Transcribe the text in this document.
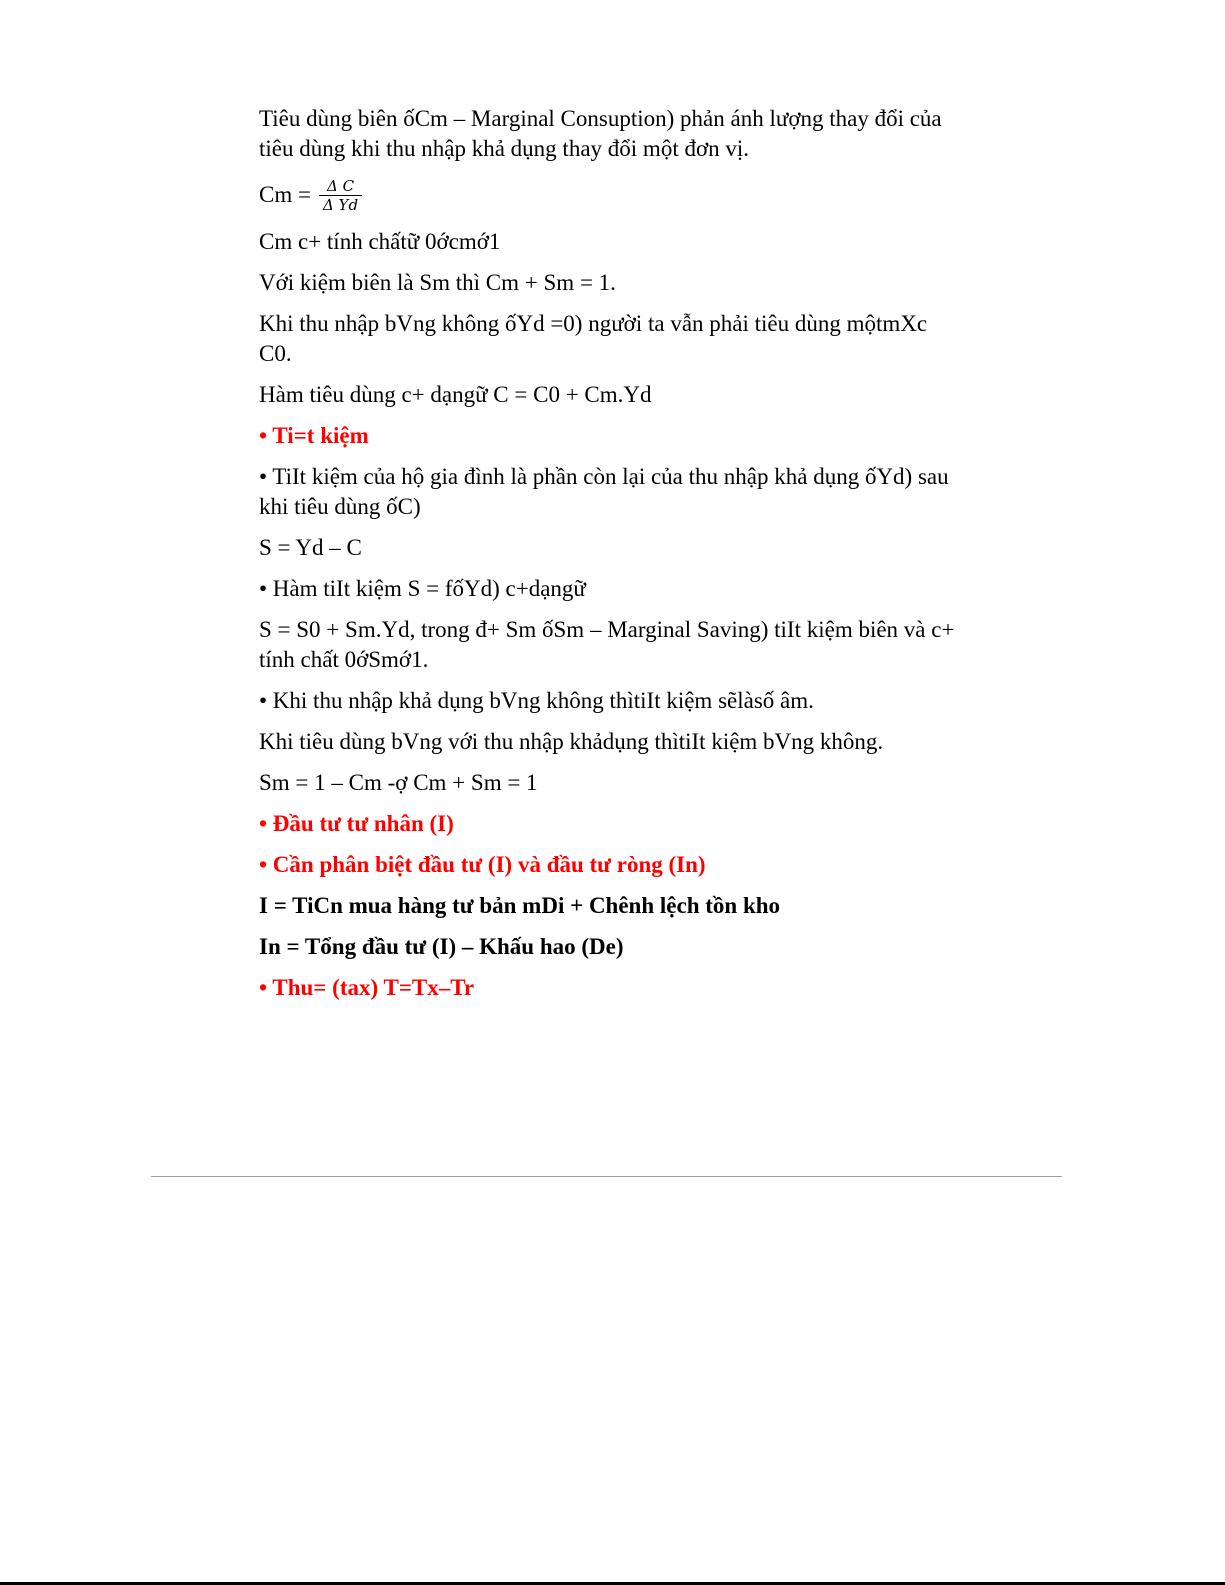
Tiêu dùng biên ốCm – Marginal Consuption) phản ánh lượng thay đổi của tiêu dùng khi thu nhập khả dụng thay đổi một đơn vị.

$Cm = \frac{\text{Δ C}}{\text{Δ Yd}}$

Cm c+ tính chấtữ 0ớcmớ1

Với kiệm biên là Sm thì Cm + Sm = 1.

Khi thu nhập bVng không ốYd =0) người ta vẫn phải tiêu dùng mộtmXc C0.

Hàm tiêu dùng c+ dạngữ C = C0 + Cm.Yd

• Ti=t kiệm

• TiIt kiệm của hộ gia đình là phần còn lại của thu nhập khả dụng ốYd) sau khi tiêu dùng ốC)

S = Yd – C

• Hàm tiIt kiệm S = fốYd) c+dạngữ

S = S0 + Sm.Yd, trong đ+ Sm ốSm – Marginal Saving) tiIt kiệm biên và c+ tính chất 0ớSmớ1.

• Khi thu nhập khả dụng bVng không thìtiIt kiệm sẽlàsố âm.

Khi tiêu dùng bVng với thu nhập khảdụng thìtiIt kiệm bVng không.

Sm = 1 – Cm -ợ Cm + Sm = 1

• Đầu tư tư nhân (I)

• Cần phân biệt đầu tư (I) và đầu tư ròng (In)

I = TiCn mua hàng tư bản mDi + Chênh lệch tồn kho

In = Tổng đầu tư (I) – Khấu hao (De)

• Thu= (tax) T=Tx–Tr
